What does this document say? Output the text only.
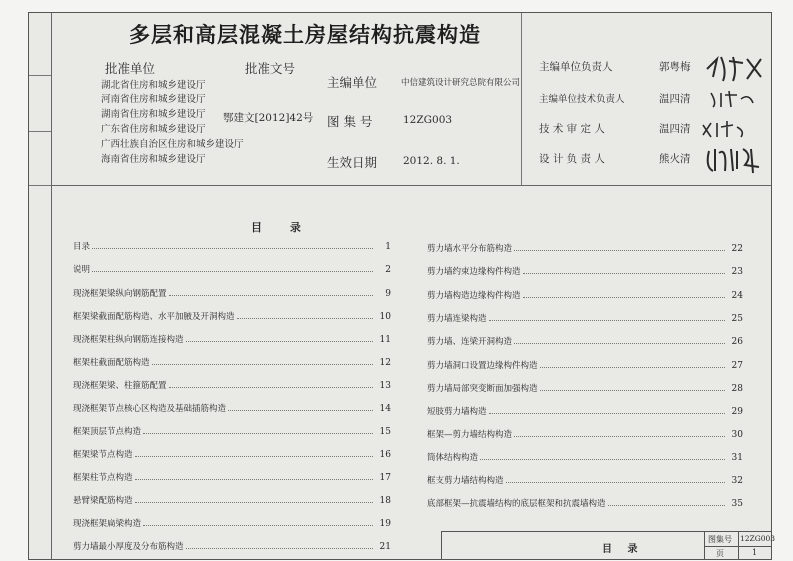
多层和高层混凝土房屋结构抗震构造
批准单位	批准文号
湖北省住房和城乡建设厅
河南省住房和城乡建设厅
湖南省住房和城乡建设厅
广东省住房和城乡建设厅
广西壮族自治区住房和城乡建设厅
海南省住房和城乡建设厅
鄂建文[2012]42号
主编单位	中信建筑设计研究总院有限公司
图 集 号	12ZG003
生效日期 2012. 8. 1.
主编单位负责人	郭粤梅
主编单位技术负责人	温四清
技 术 审 定 人	温四清
设 计 负 责 人	熊火清
目 录
目录	1
说明	2
现浇框架梁纵向钢筋配置	9
框架梁截面配筋构造、水平加腋及开洞构造	10
现浇框架柱纵向钢筋连接构造	11
框架柱截面配筋构造	12
现浇框架梁、柱箍筋配置	13
现浇框架节点核心区构造及基础插筋构造	14
框架顶层节点构造	15
框架梁节点构造	16
框架柱节点构造	17
悬臂梁配筋构造	18
现浇框架扁梁构造	19
剪力墙最小厚度及分布筋构造	21
剪力墙水平分布筋构造	22
剪力墙约束边缘构件构造	23
剪力墙构造边缘构件构造	24
剪力墙连梁构造	25
剪力墙、连梁开洞构造	26
剪力墙洞口设置边缘构件构造	27
剪力墙局部突变断面加强构造	28
短肢剪力墙构造	29
框架—剪力墙结构构造	30
筒体结构构造	31
框支剪力墙结构构造	32
底部框架—抗震墙结构的底层框架和抗震墙构造	35
目 录
图集号 12ZG003
页	1
